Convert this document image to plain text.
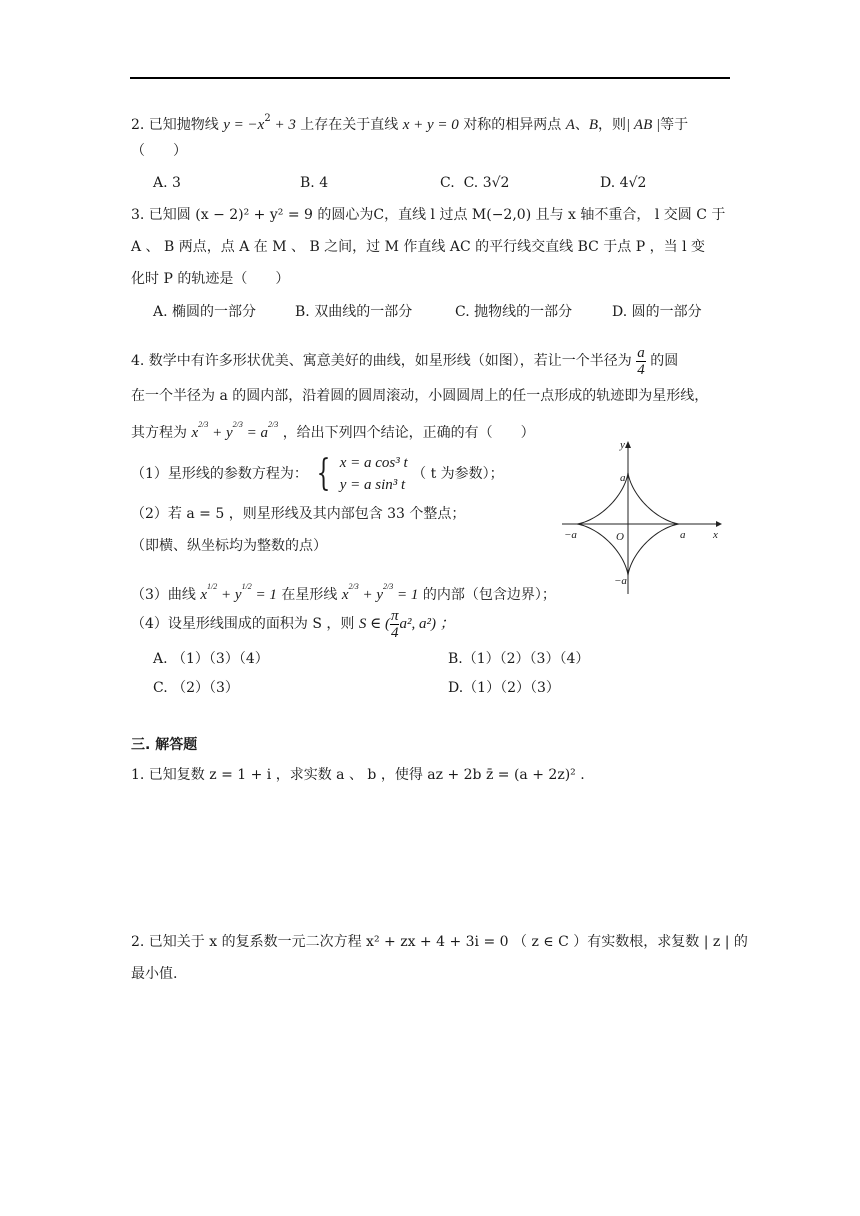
2. 已知抛物线 $y = -x^2 + 3$ 上存在关于直线 x + y = 0 对称的相异两点 A、B，则| AB |等于
（　　）
A. 3	B. 4	C.  C. 3√2	D. 4√2
3. 已知圆 (x − 2)² + y² = 9 的圆心为C，直线 l 过点 M(−2,0) 且与 x 轴不重合， l 交圆 C 于
A 、 B 两点，点 A 在 M 、 B 之间，过 M 作直线 AC 的平行线交直线 BC 于点 P ，当 l 变
化时 P 的轨迹是（　　）
A. 椭圆的一部分	B. 双曲线的一部分	C. 抛物线的一部分	D. 圆的一部分
4. 数学中有许多形状优美、寓意美好的曲线，如星形线（如图），若让一个半径为 $\frac{a}{4}$ 的圆
在一个半径为 a 的圆内部，沿着圆的圆周滚动，小圆圆周上的任一点形成的轨迹即为星形线，
其方程为 $x^{2/3} + y^{2/3} = a^{2/3}$ ，给出下列四个结论，正确的有（　　）
（1）星形线的参数方程为： { x = a cos³ t
y = a sin³ t
（ t 为参数）；
（2）若 a = 5 ，则星形线及其内部包含 33 个整点；
（即横、纵坐标均为整数的点）
（3）曲线 $x^{1/2} + y^{1/2} = 1$ 在星形线 $x^{2/3} + y^{2/3} = 1$ 的内部（包含边界）；
（4）设星形线围成的面积为 S ，则 S ∈ ( $\frac{\pi}{4} a^2$, a²) ；
A. （1）（3）（4）	B.（1）（2）（3）（4）
C. （2）（3）	D.（1）（2）（3）
y
x
a
a
−a
−a
O
三. 解答题
1. 已知复数 z = 1 + i ，求实数 a 、 b ，使得 az + 2b z̄ = (a + 2z)² .
2. 已知关于 x 的复系数一元二次方程 x² + zx + 4 + 3i = 0 （ z ∈ C ）有实数根，求复数 | z | 的
最小值.
